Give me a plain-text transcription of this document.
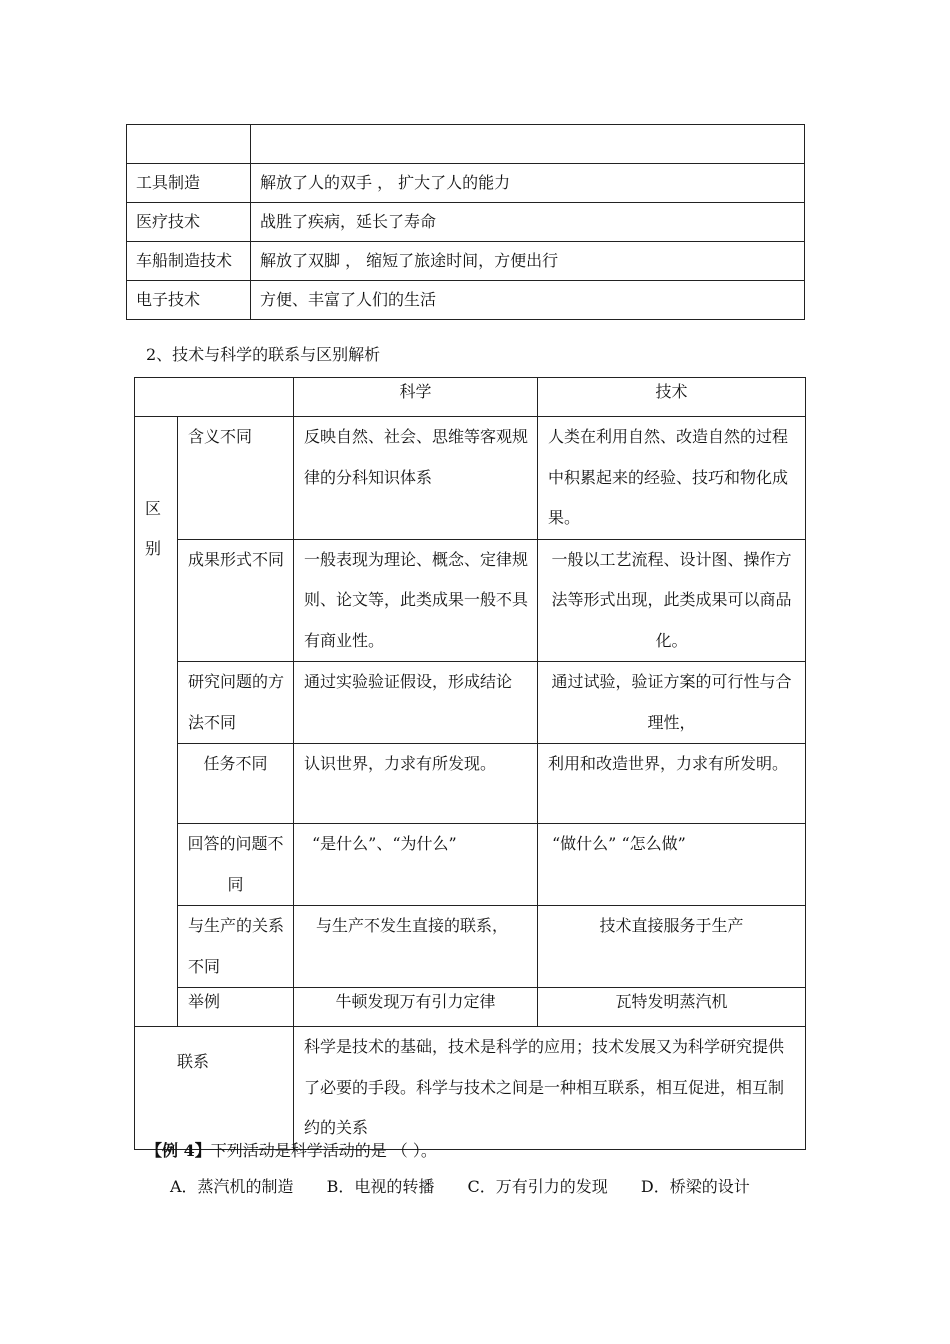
工具制造	解放了人的双手 ， 扩大了人的能力
医疗技术	战胜了疾病，延长了寿命
车船制造技术	解放了双脚 ， 缩短了旅途时间，方便出行
电子技术	方便、丰富了人们的生活
2、技术与科学的联系与区别解析
		科学	技术

区
别	含义不同	反映自然、社会、思维等客观规律的分科知识体系	人类在利用自然、改造自然的过程中积累起来的经验、技巧和物化成果。
	成果形式不同	一般表现为理论、概念、定律规则、论文等，此类成果一般不具有商业性。	一般以工艺流程、设计图、操作方法等形式出现，此类成果可以商品化。
	研究问题的方法不同	通过实验验证假设，形成结论	通过试验，验证方案的可行性与合理性，
	任务不同	认识世界，力求有所发现。	利用和改造世界，力求有所发明。
	回答的问题不同	“是什么”、“为什么”	“做什么” “怎么做”
	与生产的关系不同	与生产不发生直接的联系，	技术直接服务于生产
	举例	牛顿发现万有引力定律	瓦特发明蒸汽机
联系		科学是技术的基础，技术是科学的应用；技术发展又为科学研究提供了必要的手段。科学与技术之间是一种相互联系，相互促进，相互制约的关系	
【例 4】下列活动是科学活动的是 （ ）。
A．蒸汽机的制造 B．电视的转播 C．万有引力的发现 D．桥梁的设计
